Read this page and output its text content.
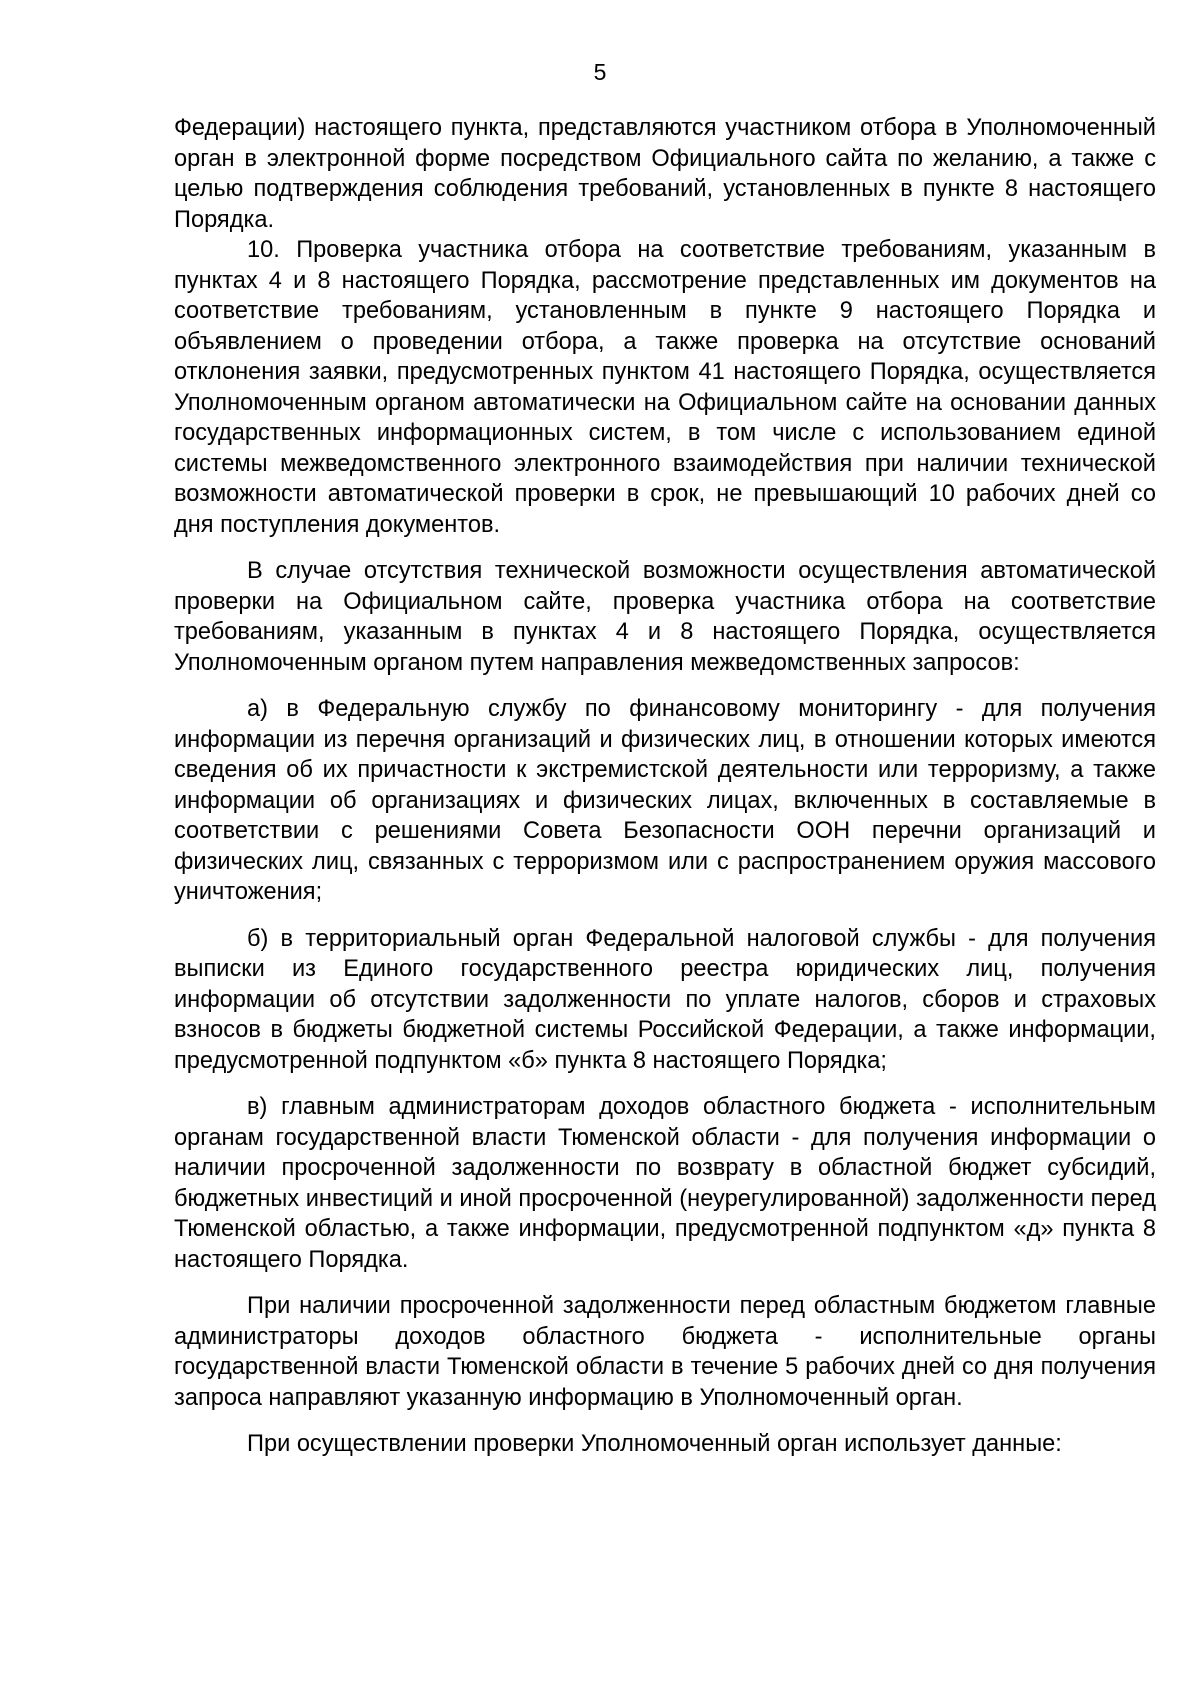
5

Федерации) настоящего пункта, представляются участником отбора в Уполномоченный орган в электронной форме посредством Официального сайта по желанию, а также с целью подтверждения соблюдения требований, установленных в пункте 8 настоящего Порядка.

10. Проверка участника отбора на соответствие требованиям, указанным в пунктах 4 и 8 настоящего Порядка, рассмотрение представленных им документов на соответствие требованиям, установленным в пункте 9 настоящего Порядка и объявлением о проведении отбора, а также проверка на отсутствие оснований отклонения заявки, предусмотренных пунктом 41 настоящего Порядка, осуществляется Уполномоченным органом автоматически на Официальном сайте на основании данных государственных информационных систем, в том числе с использованием единой системы межведомственного электронного взаимодействия при наличии технической возможности автоматической проверки в срок, не превышающий 10 рабочих дней со дня поступления документов.

В случае отсутствия технической возможности осуществления автоматической проверки на Официальном сайте, проверка участника отбора на соответствие требованиям, указанным в пунктах 4 и 8 настоящего Порядка, осуществляется Уполномоченным органом путем направления межведомственных запросов:

а) в Федеральную службу по финансовому мониторингу - для получения информации из перечня организаций и физических лиц, в отношении которых имеются сведения об их причастности к экстремистской деятельности или терроризму, а также информации об организациях и физических лицах, включенных в составляемые в соответствии с решениями Совета Безопасности ООН перечни организаций и физических лиц, связанных с терроризмом или с распространением оружия массового уничтожения;

б) в территориальный орган Федеральной налоговой службы - для получения выписки из Единого государственного реестра юридических лиц, получения информации об отсутствии задолженности по уплате налогов, сборов и страховых взносов в бюджеты бюджетной системы Российской Федерации, а также информации, предусмотренной подпунктом «б» пункта 8 настоящего Порядка;

в) главным администраторам доходов областного бюджета - исполнительным органам государственной власти Тюменской области - для получения информации о наличии просроченной задолженности по возврату в областной бюджет субсидий, бюджетных инвестиций и иной просроченной (неурегулированной) задолженности перед Тюменской областью, а также информации, предусмотренной подпунктом «д» пункта 8 настоящего Порядка.

При наличии просроченной задолженности перед областным бюджетом главные администраторы доходов областного бюджета - исполнительные органы государственной власти Тюменской области в течение 5 рабочих дней со дня получения запроса направляют указанную информацию в Уполномоченный орган.

При осуществлении проверки Уполномоченный орган использует данные:
